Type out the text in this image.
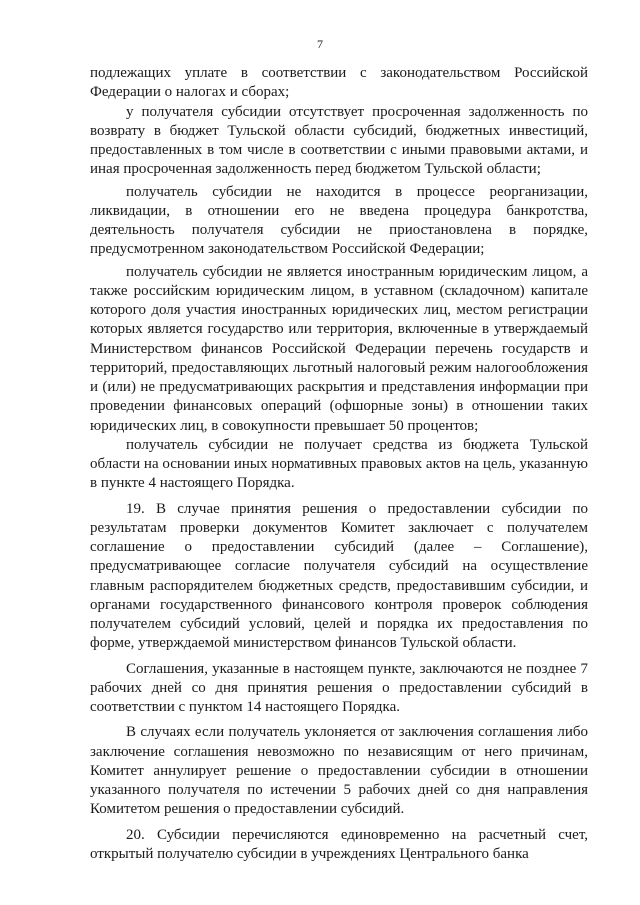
7

подлежащих уплате в соответствии с законодательством Российской Федерации о налогах и сборах;

у получателя субсидии отсутствует просроченная задолженность по возврату в бюджет Тульской области субсидий, бюджетных инвестиций, предоставленных в том числе в соответствии с иными правовыми актами, и иная просроченная задолженность перед бюджетом Тульской области;

получатель субсидии не находится в процессе реорганизации, ликвидации, в отношении его не введена процедура банкротства, деятельность получателя субсидии не приостановлена в порядке, предусмотренном законодательством Российской Федерации;

получатель субсидии не является иностранным юридическим лицом, а также российским юридическим лицом, в уставном (складочном) капитале которого доля участия иностранных юридических лиц, местом регистрации которых является государство или территория, включенные в утверждаемый Министерством финансов Российской Федерации перечень государств и территорий, предоставляющих льготный налоговый режим налогообложения и (или) не предусматривающих раскрытия и представления информации при проведении финансовых операций (офшорные зоны) в отношении таких юридических лиц, в совокупности превышает 50 процентов;

получатель субсидии не получает средства из бюджета Тульской области на основании иных нормативных правовых актов на цель, указанную в пункте 4 настоящего Порядка.

19. В случае принятия решения о предоставлении субсидии по результатам проверки документов Комитет заключает с получателем соглашение о предоставлении субсидий (далее – Соглашение), предусматривающее согласие получателя субсидий на осуществление главным распорядителем бюджетных средств, предоставившим субсидии, и органами государственного финансового контроля проверок соблюдения получателем субсидий условий, целей и порядка их предоставления по форме, утверждаемой министерством финансов Тульской области.

Соглашения, указанные в настоящем пункте, заключаются не позднее 7 рабочих дней со дня принятия решения о предоставлении субсидий в соответствии с пунктом 14 настоящего Порядка.

В случаях если получатель уклоняется от заключения соглашения либо заключение соглашения невозможно по независящим от него причинам, Комитет аннулирует решение о предоставлении субсидии в отношении указанного получателя по истечении 5 рабочих дней со дня направления Комитетом решения о предоставлении субсидий.

20. Субсидии перечисляются единовременно на расчетный счет, открытый получателю субсидии в учреждениях Центрального банка
